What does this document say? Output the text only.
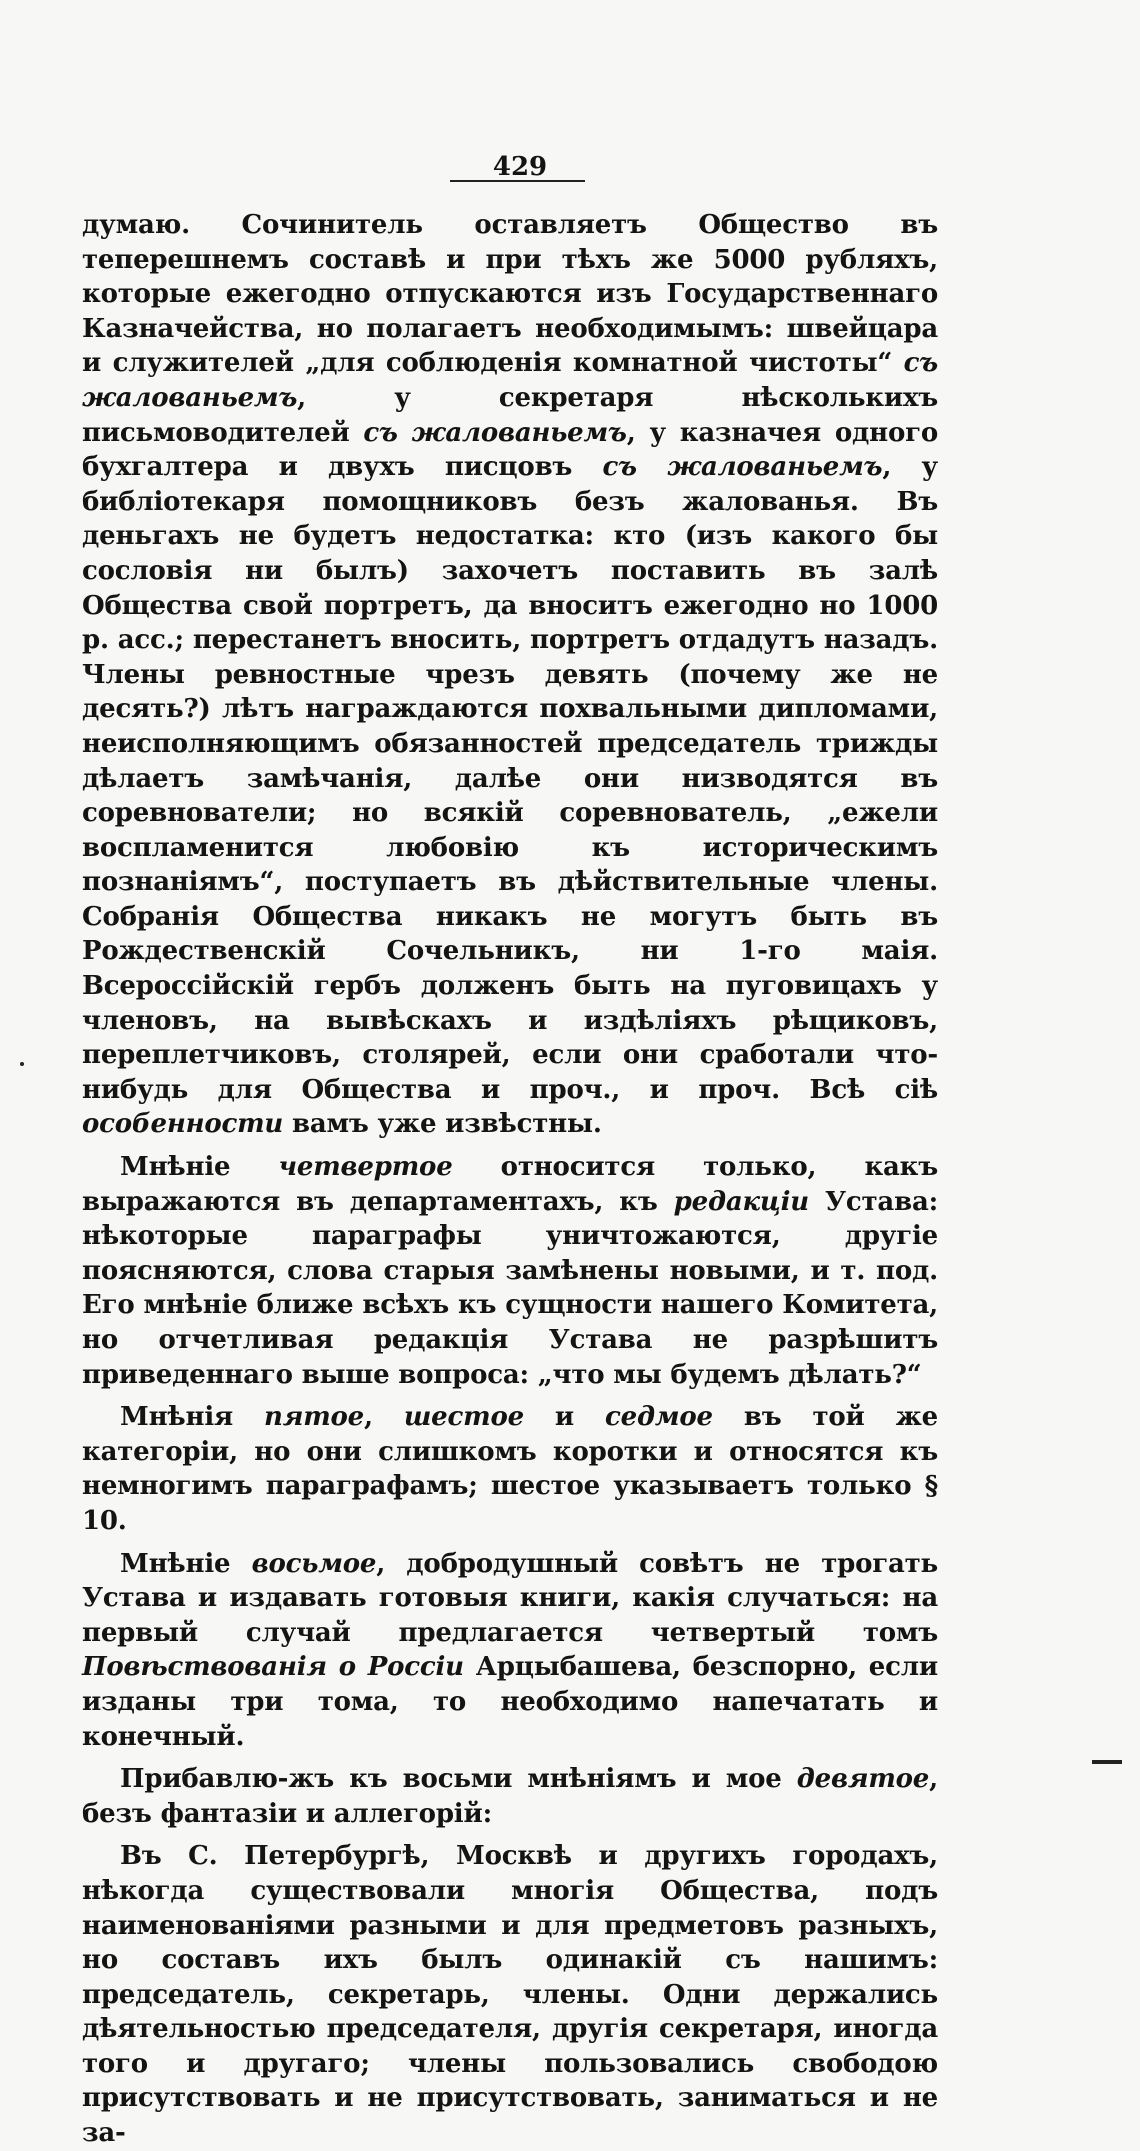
429

думаю. Сочинитель оставляетъ Общество въ теперешнемъ составѣ и при тѣхъ же 5000 рубляхъ, которые ежегодно отпускаются изъ Государственнаго Казначейства, но полагаетъ необходимымъ: швейцара и служителей „для соблюденія комнатной чистоты“ съ жалованьемъ, у секретаря нѣсколькихъ письмоводителей съ жалованьемъ, у казначея одного бухгалтера и двухъ писцовъ съ жалованьемъ, у библіотекаря помощниковъ безъ жалованья. Въ деньгахъ не будетъ недостатка: кто (изъ какого бы сословія ни былъ) захочетъ поставить въ залѣ Общества свой портретъ, да вноситъ ежегодно но 1000 р. асс.; перестанетъ вносить, портретъ отдадутъ назадъ. Члены ревностные чрезъ девять (почему же не десять?) лѣтъ награждаются похвальными дипломами, неисполняющимъ обязанностей председатель трижды дѣлаетъ замѣчанія, далѣе они низводятся въ соревнователи; но всякій соревнователь, „ежели воспламенится любовію къ историческимъ познаніямъ“, поступаетъ въ дѣйствительные члены. Собранія Общества никакъ не могутъ быть въ Рождественскій Сочельникъ, ни 1-го маія. Всероссійскій гербъ долженъ быть на пуговицахъ у членовъ, на вывѣскахъ и издѣліяхъ рѣщиковъ, переплетчиковъ, столярей, если они сработали что-нибудь для Общества и проч., и проч. Всѣ сіѣ особенности вамъ уже извѣстны.

Мнѣніе четвертое относится только, какъ выражаются въ департаментахъ, къ редакціи Устава: нѣкоторые параграфы уничтожаются, другіе поясняются, слова старыя замѣнены новыми, и т. под. Его мнѣніе ближе всѣхъ къ сущности нашего Комитета, но отчетливая редакція Устава не разрѣшитъ приведеннаго выше вопроса: „что мы будемъ дѣлать?“

Мнѣнія пятое, шестое и седмое въ той же категоріи, но они слишкомъ коротки и относятся къ немногимъ параграфамъ; шестое указываетъ только § 10.

Мнѣніе восьмое, добродушный совѣтъ не трогать Устава и издавать готовыя книги, какія случаться: на первый случай предлагается четвертый томъ Повѣствованія о Россіи Арцыбашева, безспорно, если изданы три тома, то необходимо напечатать и конечный.

Прибавлю-жъ къ восьми мнѣніямъ и мое девятое, безъ фантазіи и аллегорій:

Въ С. Петербургѣ, Москвѣ и другихъ городахъ, нѣкогда существовали многія Общества, подъ наименованіями разными и для предметовъ разныхъ, но составъ ихъ былъ одинакій съ нашимъ: председатель, секретарь, члены. Одни держались дѣятельностью председателя, другія секретаря, иногда того и другаго; члены пользовались свободою присутствовать и не присутствовать, заниматься и не за-
